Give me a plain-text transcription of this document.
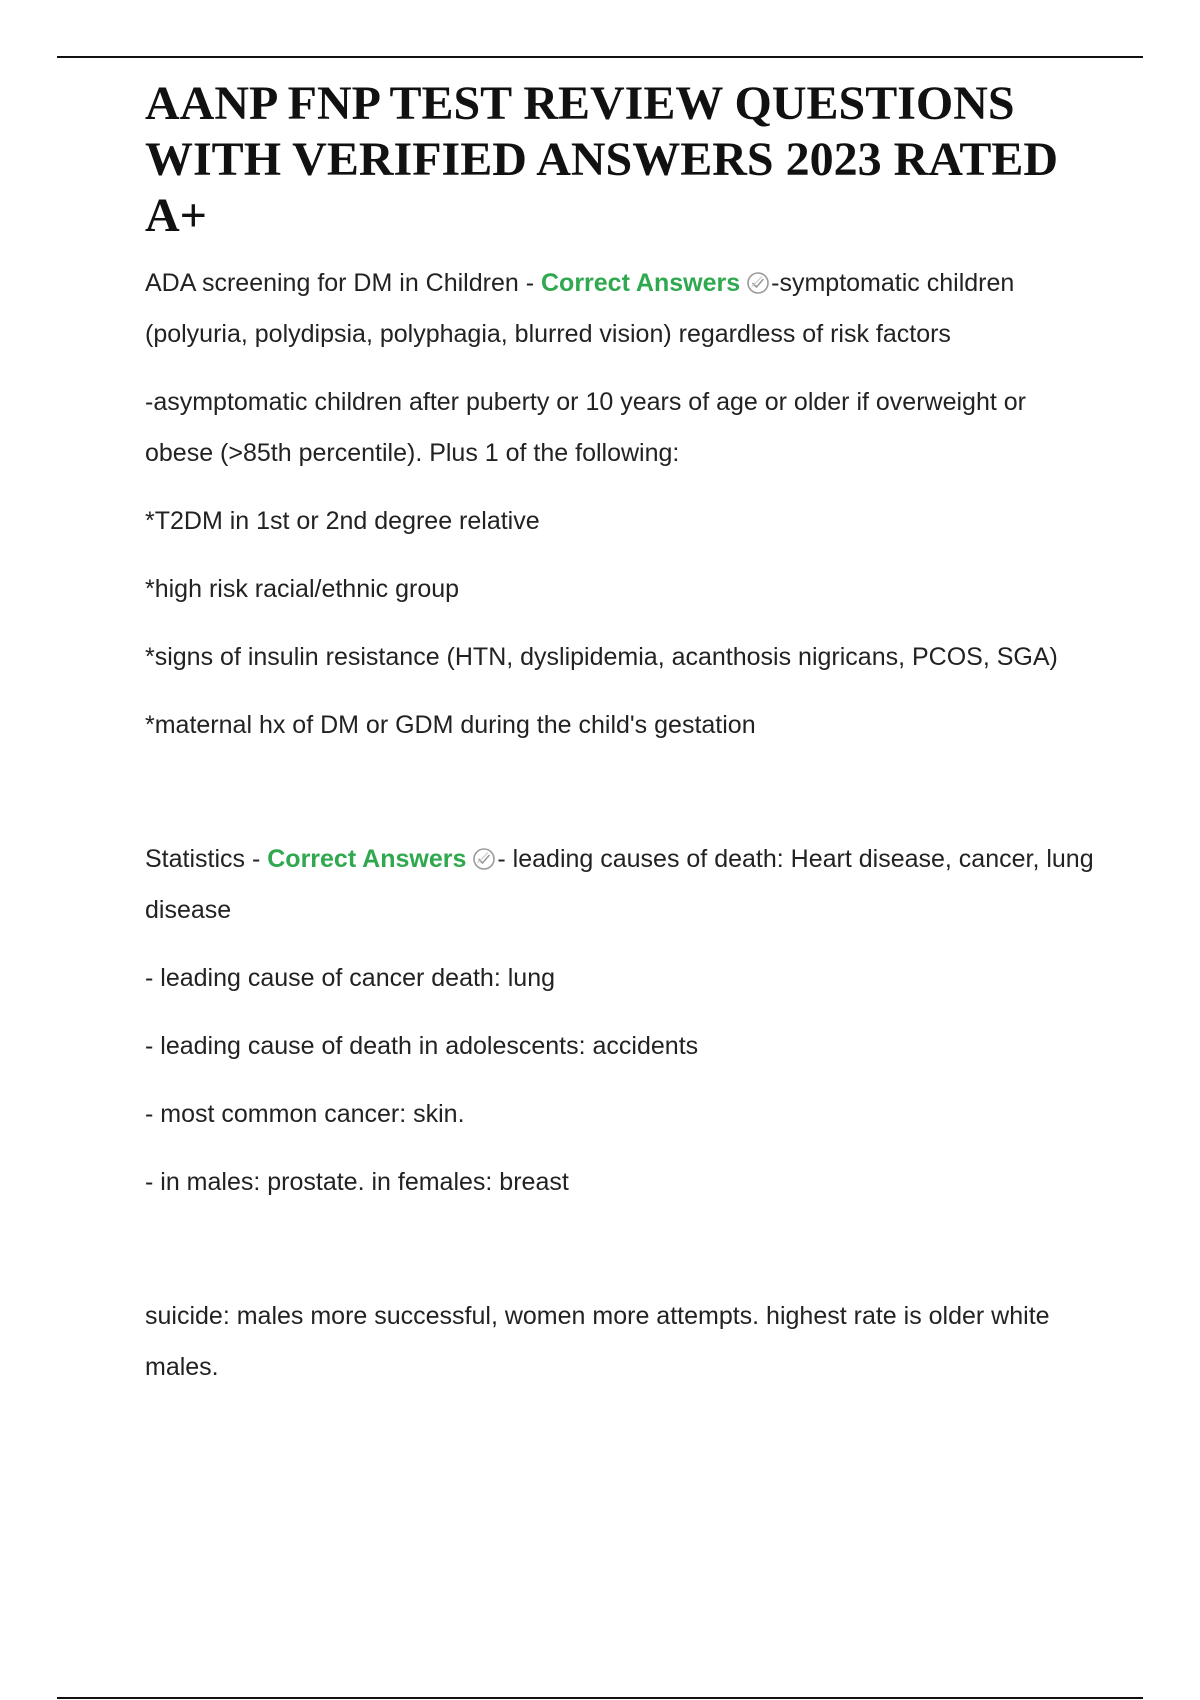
AANP FNP TEST REVIEW QUESTIONS WITH VERIFIED ANSWERS 2023 RATED A+

ADA screening for DM in Children - Correct Answers -symptomatic children (polyuria, polydipsia, polyphagia, blurred vision) regardless of risk factors

-asymptomatic children after puberty or 10 years of age or older if overweight or obese (>85th percentile). Plus 1 of the following:

*T2DM in 1st or 2nd degree relative

*high risk racial/ethnic group

*signs of insulin resistance (HTN, dyslipidemia, acanthosis nigricans, PCOS, SGA)

*maternal hx of DM or GDM during the child's gestation

Statistics - Correct Answers - leading causes of death: Heart disease, cancer, lung disease

- leading cause of cancer death: lung

- leading cause of death in adolescents: accidents

- most common cancer: skin.

- in males: prostate. in females: breast

suicide: males more successful, women more attempts. highest rate is older white males.
